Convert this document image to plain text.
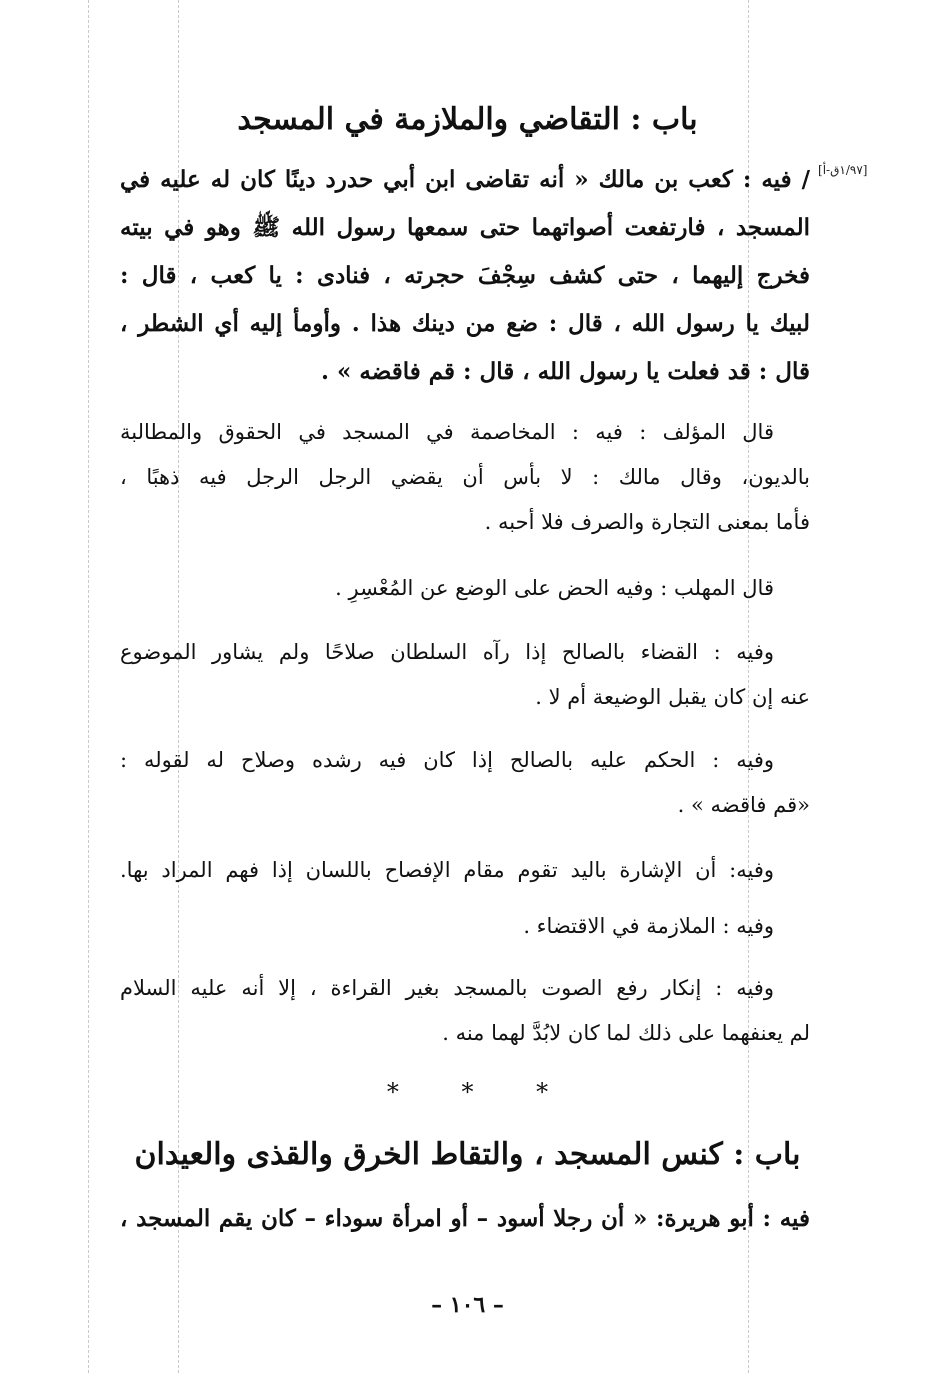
باب : التقاضي والملازمة في المسجد
[١/٩٧ق-أ]
/ فيه : كعب بن مالك « أنه تقاضى ابن أبي حدرد دينًا كان له عليه في
المسجد ، فارتفعت أصواتهما حتى سمعها رسول الله ﷺ وهو في بيته
فخرج إليهما ، حتى كشف سِجْفَ حجرته ، فنادى : يا كعب ، قال :
لبيك يا رسول الله ، قال : ضع من دينك هذا . وأومأ إليه أي الشطر ،
قال : قد فعلت يا رسول الله ، قال : قم فاقضه » .
قال المؤلف : فيه : المخاصمة في المسجد في الحقوق والمطالبة
بالديون، وقال مالك : لا بأس أن يقضي الرجل الرجل فيه ذهبًا ،
فأما بمعنى التجارة والصرف فلا أحبه .
قال المهلب : وفيه الحض على الوضع عن المُعْسِرِ .
وفيه : القضاء بالصالح إذا رآه السلطان صلاحًا ولم يشاور الموضوع
عنه إن كان يقبل الوضيعة أم لا .
وفيه : الحكم عليه بالصالح إذا كان فيه رشده وصلاح له لقوله :
«قم فاقضه » .
وفيه: أن الإشارة باليد تقوم مقام الإفصاح باللسان إذا فهم المراد بها.
وفيه : الملازمة في الاقتضاء .
وفيه : إنكار رفع الصوت بالمسجد بغير القراءة ، إلا أنه عليه السلام
لم يعنفهما على ذلك لما كان لابُدَّ لهما منه .
* * *
باب : كنس المسجد ، والتقاط الخرق والقذى والعيدان
فيه : أبو هريرة: « أن رجلا أسود – أو امرأة سوداء – كان يقم المسجد ،
– ١٠٦ –
